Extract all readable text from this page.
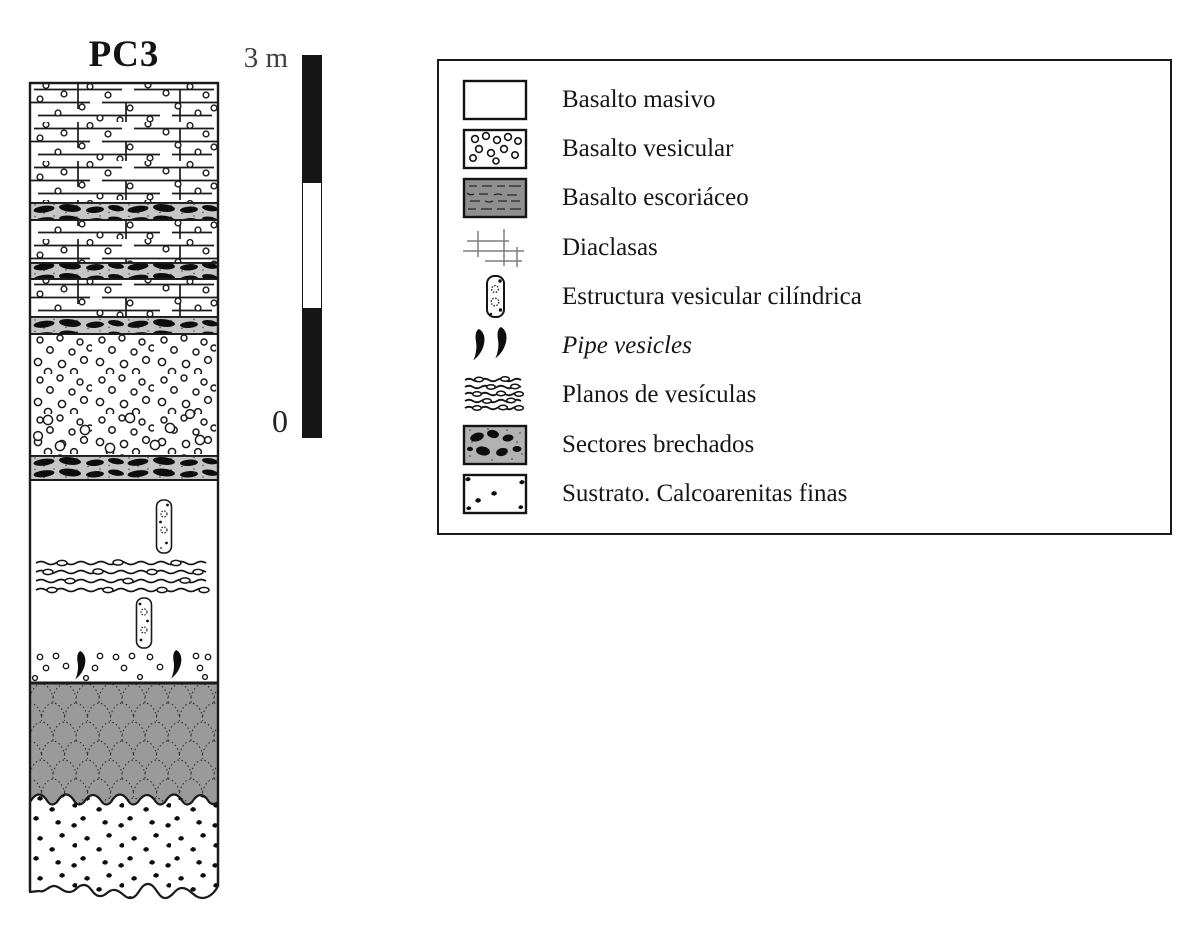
PC3	3 m
0
Basalto masivo
Basalto vesicular
Basalto escoriáceo
Diaclasas
Estructura vesicular cilíndrica
Pipe vesicles
Planos de vesículas
Sectores brechados
Sustrato. Calcoarenitas finas
